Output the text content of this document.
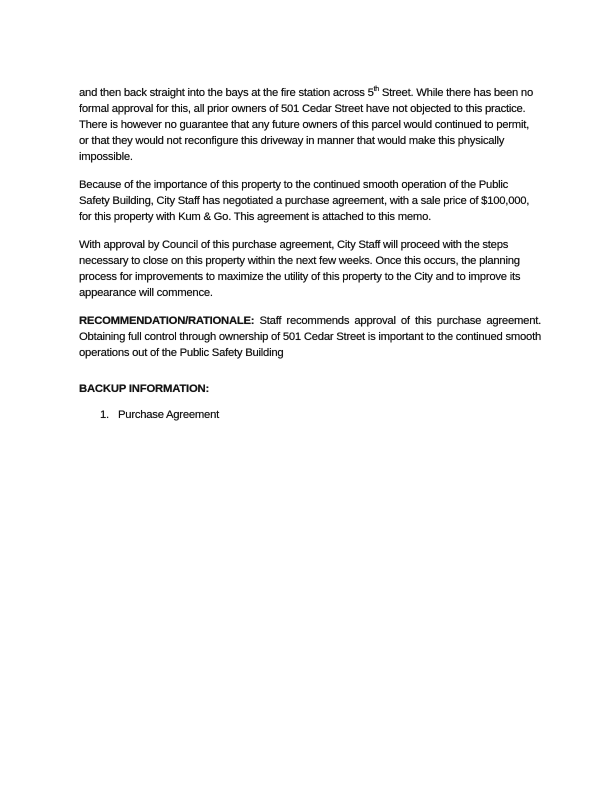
and then back straight into the bays at the fire station across 5th Street. While there has been no formal approval for this, all prior owners of 501 Cedar Street have not objected to this practice. There is however no guarantee that any future owners of this parcel would continued to permit, or that they would not reconfigure this driveway in manner that would make this physically impossible.

Because of the importance of this property to the continued smooth operation of the Public Safety Building, City Staff has negotiated a purchase agreement, with a sale price of $100,000, for this property with Kum & Go. This agreement is attached to this memo.

With approval by Council of this purchase agreement, City Staff will proceed with the steps necessary to close on this property within the next few weeks. Once this occurs, the planning process for improvements to maximize the utility of this property to the City and to improve its appearance will commence.

RECOMMENDATION/RATIONALE: Staff recommends approval of this purchase agreement. Obtaining full control through ownership of 501 Cedar Street is important to the continued smooth operations out of the Public Safety Building

BACKUP INFORMATION:

1. Purchase Agreement
